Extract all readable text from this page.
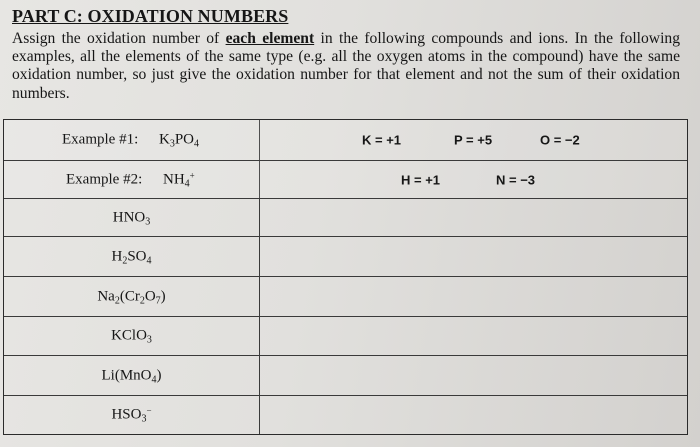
PART C: OXIDATION NUMBERS
Assign the oxidation number of each element in the following compounds and ions. In the following examples, all the elements of the same type (e.g. all the oxygen atoms in the compound) have the same oxidation number, so just give the oxidation number for that element and not the sum of their oxidation numbers.
Example #1: $K_3PO_4$	K = +1	P = +5	O = −2
Example #2: $NH_4^+$	H = +1	N = −3
$HNO_3$
$H_2SO_4$
$Na_2(Cr_2O_7)$
KClO$_3$
Li(MnO$_4$)
$HSO_3^-$
